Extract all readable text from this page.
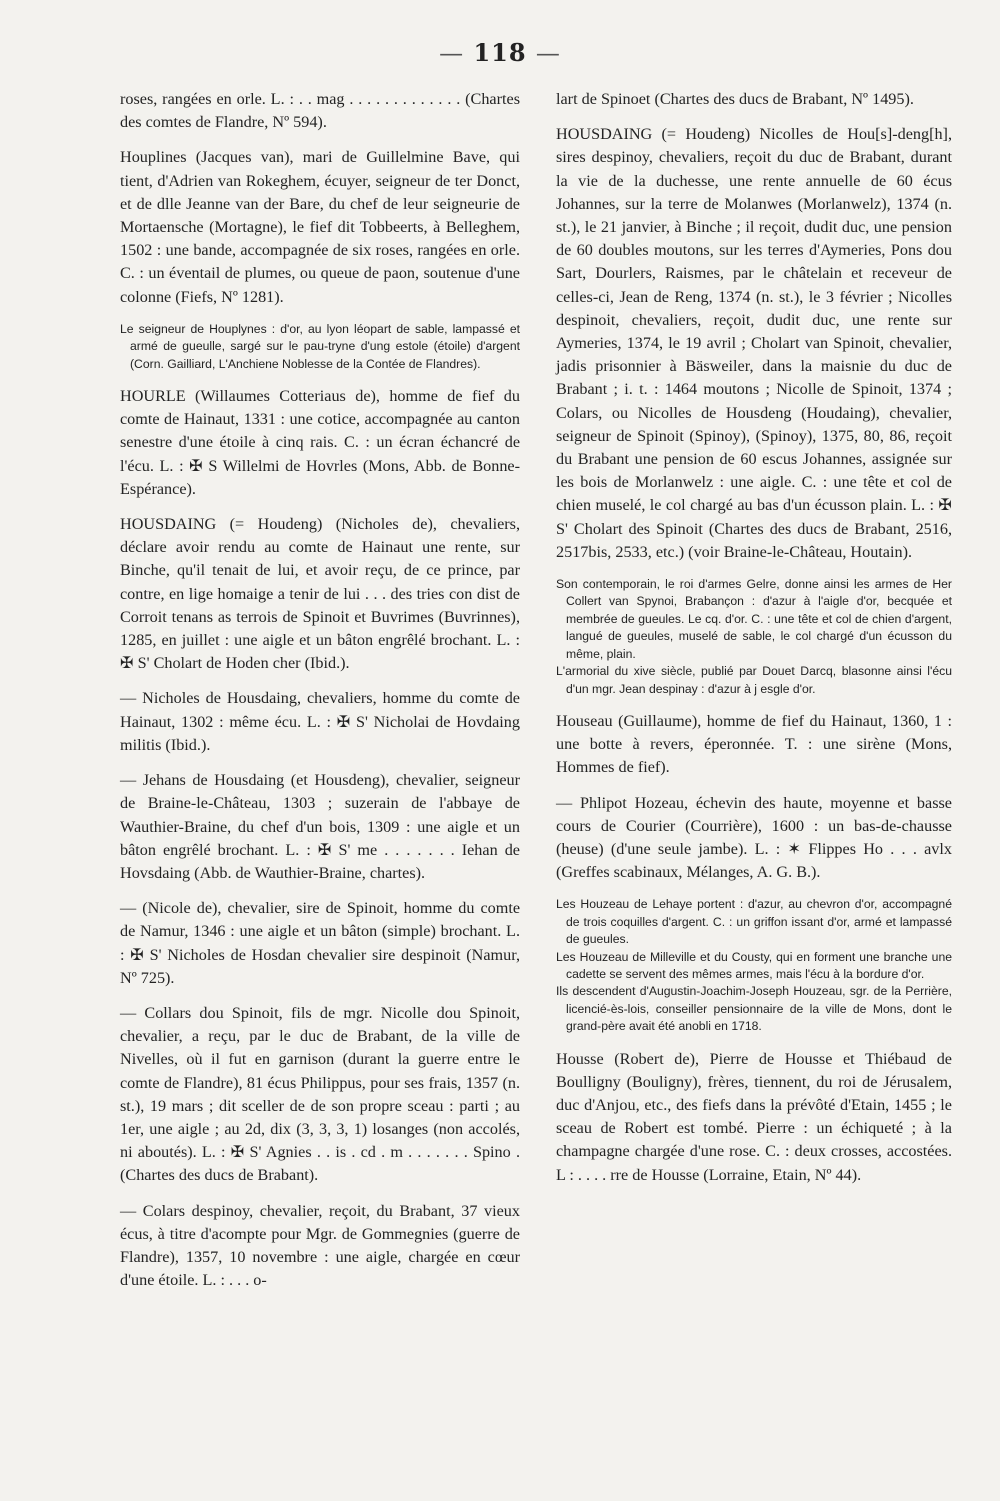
— 118 —

roses, rangées en orle. L. : . . mag . . . . . . . . . . . . . (Chartes des comtes de Flandre, Nº 594).

Houplines (Jacques van), mari de Guillelmine Bave, qui tient, d'Adrien van Rokeghem, écuyer, seigneur de ter Donct, et de dlle Jeanne van der Bare, du chef de leur seigneurie de Mortaensche (Mortagne), le fief dit Tobbeerts, à Belleghem, 1502 : une bande, accompagnée de six roses, rangées en orle. C. : un éventail de plumes, ou queue de paon, soutenue d'une colonne (Fiefs, Nº 1281).

Le seigneur de Houplynes : d'or, au lyon léopart de sable, lampassé et armé de gueulle, sargé sur le pau-tryne d'ung estole (étoile) d'argent (Corn. Gailliard, L'Anchiene Noblesse de la Contée de Flandres).

HOURLE (Willaumes Cotteriaus de), homme de fief du comte de Hainaut, 1331 : une cotice, accompagnée au canton senestre d'une étoile à cinq rais. C. : un écran échancré de l'écu. L. : ✠ S Willelmi de Hovrles (Mons, Abb. de Bonne-Espérance).

HOUSDAING (= Houdeng) (Nicholes de), chevaliers, déclare avoir rendu au comte de Hainaut une rente, sur Binche, qu'il tenait de lui, et avoir reçu, de ce prince, par contre, en lige homaige a tenir de lui . . . des tries con dist de Corroit tenans as terrois de Spinoit et Buvrimes (Buvrinnes), 1285, en juillet : une aigle et un bâton engrêlé brochant. L. : ✠ S' Cholart de Hoden cher (Ibid.).

— Nicholes de Housdaing, chevaliers, homme du comte de Hainaut, 1302 : même écu. L. : ✠ S' Nicholai de Hovdaing militis (Ibid.).

— Jehans de Housdaing (et Housdeng), chevalier, seigneur de Braine-le-Château, 1303 ; suzerain de l'abbaye de Wauthier-Braine, du chef d'un bois, 1309 : une aigle et un bâton engrêlé brochant. L. : ✠ S' me . . . . . . . Iehan de Hovsdaing (Abb. de Wauthier-Braine, chartes).

— (Nicole de), chevalier, sire de Spinoit, homme du comte de Namur, 1346 : une aigle et un bâton (simple) brochant. L. : ✠ S' Nicholes de Hosdan chevalier sire despinoit (Namur, Nº 725).

— Collars dou Spinoit, fils de mgr. Nicolle dou Spinoit, chevalier, a reçu, par le duc de Brabant, de la ville de Nivelles, où il fut en garnison (durant la guerre entre le comte de Flandre), 81 écus Philippus, pour ses frais, 1357 (n. st.), 19 mars ; dit sceller de de son propre sceau : parti ; au 1er, une aigle ; au 2d, dix (3, 3, 3, 1) losanges (non accolés, ni aboutés). L. : ✠ S' Agnies . . is . cd . m . . . . . . . Spino . (Chartes des ducs de Brabant).

— Colars despinoy, chevalier, reçoit, du Brabant, 37 vieux écus, à titre d'acompte pour Mgr. de Gommegnies (guerre de Flandre), 1357, 10 novembre : une aigle, chargée en cœur d'une étoile. L. : . . . o-

lart de Spinoet (Chartes des ducs de Brabant, Nº 1495).

HOUSDAING (= Houdeng) Nicolles de Hou[s]-deng[h], sires despinoy, chevaliers, reçoit du duc de Brabant, durant la vie de la duchesse, une rente annuelle de 60 écus Johannes, sur la terre de Molanwes (Morlanwelz), 1374 (n. st.), le 21 janvier, à Binche ; il reçoit, dudit duc, une pension de 60 doubles moutons, sur les terres d'Aymeries, Pons dou Sart, Dourlers, Raismes, par le châtelain et receveur de celles-ci, Jean de Reng, 1374 (n. st.), le 3 février ; Nicolles despinoit, chevaliers, reçoit, dudit duc, une rente sur Aymeries, 1374, le 19 avril ; Cholart van Spinoit, chevalier, jadis prisonnier à Bäsweiler, dans la maisnie du duc de Brabant ; i. t. : 1464 moutons ; Nicolle de Spinoit, 1374 ; Colars, ou Nicolles de Housdeng (Houdaing), chevalier, seigneur de Spinoit (Spinoy), (Spinoy), 1375, 80, 86, reçoit du Brabant une pension de 60 escus Johannes, assignée sur les bois de Morlanwelz : une aigle. C. : une tête et col de chien muselé, le col chargé au bas d'un écusson plain. L. : ✠ S' Cholart des Spinoit (Chartes des ducs de Brabant, 2516, 2517bis, 2533, etc.) (voir Braine-le-Château, Houtain).

Son contemporain, le roi d'armes Gelre, donne ainsi les armes de Her Collert van Spynoi, Brabançon : d'azur à l'aigle d'or, becquée et membrée de gueules. Le cq. d'or. C. : une tête et col de chien d'argent, langué de gueules, muselé de sable, le col chargé d'un écusson du même, plain.

L'armorial du xive siècle, publié par Douet Darcq, blasonne ainsi l'écu d'un mgr. Jean despinay : d'azur à j esgle d'or.

Houseau (Guillaume), homme de fief du Hainaut, 1360, 1 : une botte à revers, éperonnée. T. : une sirène (Mons, Hommes de fief).

— Phlipot Hozeau, échevin des haute, moyenne et basse cours de Courier (Courrière), 1600 : un bas-de-chausse (heuse) (d'une seule jambe). L. : ✶ Flippes Ho . . . avlx (Greffes scabinaux, Mélanges, A. G. B.).

Les Houzeau de Lehaye portent : d'azur, au chevron d'or, accompagné de trois coquilles d'argent. C. : un griffon issant d'or, armé et lampassé de gueules.

Les Houzeau de Milleville et du Cousty, qui en forment une branche une cadette se servent des mêmes armes, mais l'écu à la bordure d'or.

Ils descendent d'Augustin-Joachim-Joseph Houzeau, sgr. de la Perrière, licencié-ès-lois, conseiller pensionnaire de la ville de Mons, dont le grand-père avait été anobli en 1718.

Housse (Robert de), Pierre de Housse et Thiébaud de Boulligny (Bouligny), frères, tiennent, du roi de Jérusalem, duc d'Anjou, etc., des fiefs dans la prévôté d'Etain, 1455 ; le sceau de Robert est tombé. Pierre : un échiqueté ; à la champagne chargée d'une rose. C. : deux crosses, accostées. L : . . . . rre de Housse (Lorraine, Etain, Nº 44).
